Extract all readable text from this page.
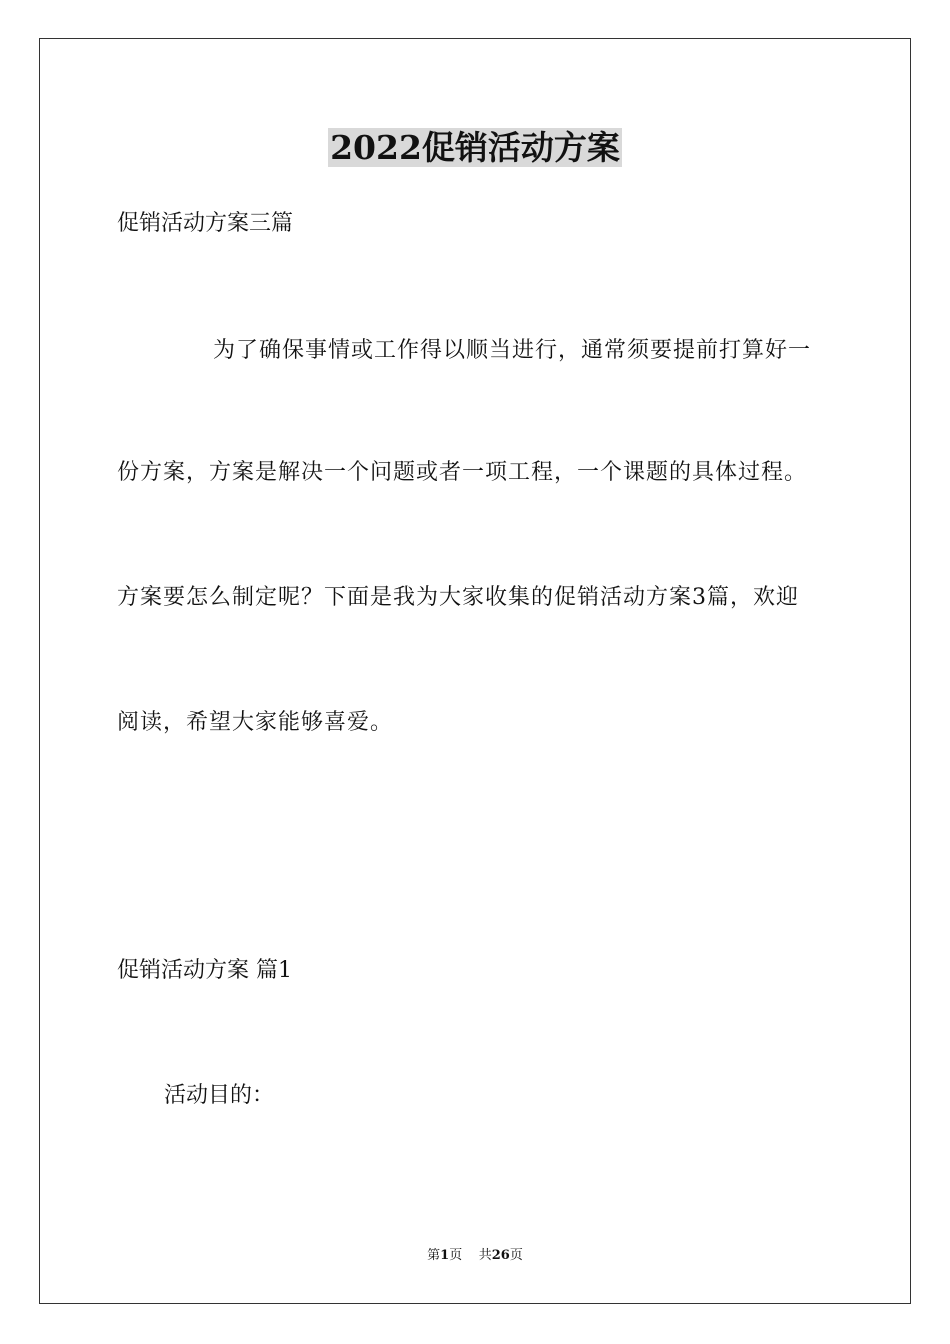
2022促销活动方案
促销活动方案三篇
为了确保事情或工作得以顺当进行，通常须要提前打算好一
份方案，方案是解决一个问题或者一项工程，一个课题的具体过程。
方案要怎么制定呢？下面是我为大家收集的促销活动方案3篇，欢迎
阅读，希望大家能够喜爱。
促销活动方案 篇1
活动目的：
第1页 共26页
